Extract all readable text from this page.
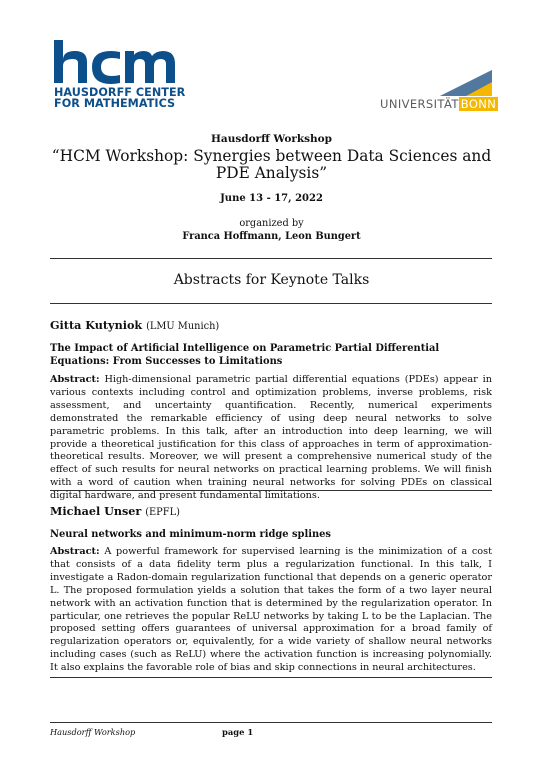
HAUSDORFF CENTER
FOR MATHEMATICS	UNIVERSITÄT BONN
Hausdorff Workshop
“HCM Workshop: Synergies between Data Sciences and PDE Analysis”
June 13 - 17, 2022
organized by
Franca Hoffmann, Leon Bungert
Abstracts for Keynote Talks
Gitta Kutyniok (LMU Munich)
The Impact of Artificial Intelligence on Parametric Partial Differential Equations: From Successes to Limitations
Abstract: High-dimensional parametric partial differential equations (PDEs) appear in various contexts including control and optimization problems, inverse problems, risk assessment, and uncertainty quantification. Recently, numerical experiments demonstrated the remarkable efficiency of using deep neural networks to solve parametric problems. In this talk, after an introduction into deep learning, we will provide a theoretical justification for this class of approaches in term of approximation-theoretical results. Moreover, we will present a comprehensive numerical study of the effect of such results for neural networks on practical learning problems. We will finish with a word of caution when training neural networks for solving PDEs on classical digital hardware, and present fundamental limitations.
Michael Unser (EPFL)
Neural networks and minimum-norm ridge splines
Abstract: A powerful framework for supervised learning is the minimization of a cost that consists of a data fidelity term plus a regularization functional. In this talk, I investigate a Radon-domain regularization functional that depends on a generic operator L. The proposed formulation yields a solution that takes the form of a two layer neural network with an activation function that is determined by the regularization operator. In particular, one retrieves the popular ReLU networks by taking L to be the Laplacian. The proposed setting offers guarantees of universal approximation for a broad family of regularization operators or, equivalently, for a wide variety of shallow neural networks including cases (such as ReLU) where the activation function is increasing polynomially. It also explains the favorable role of bias and skip connections in neural architectures.
Hausdorff Workshop	page 1
